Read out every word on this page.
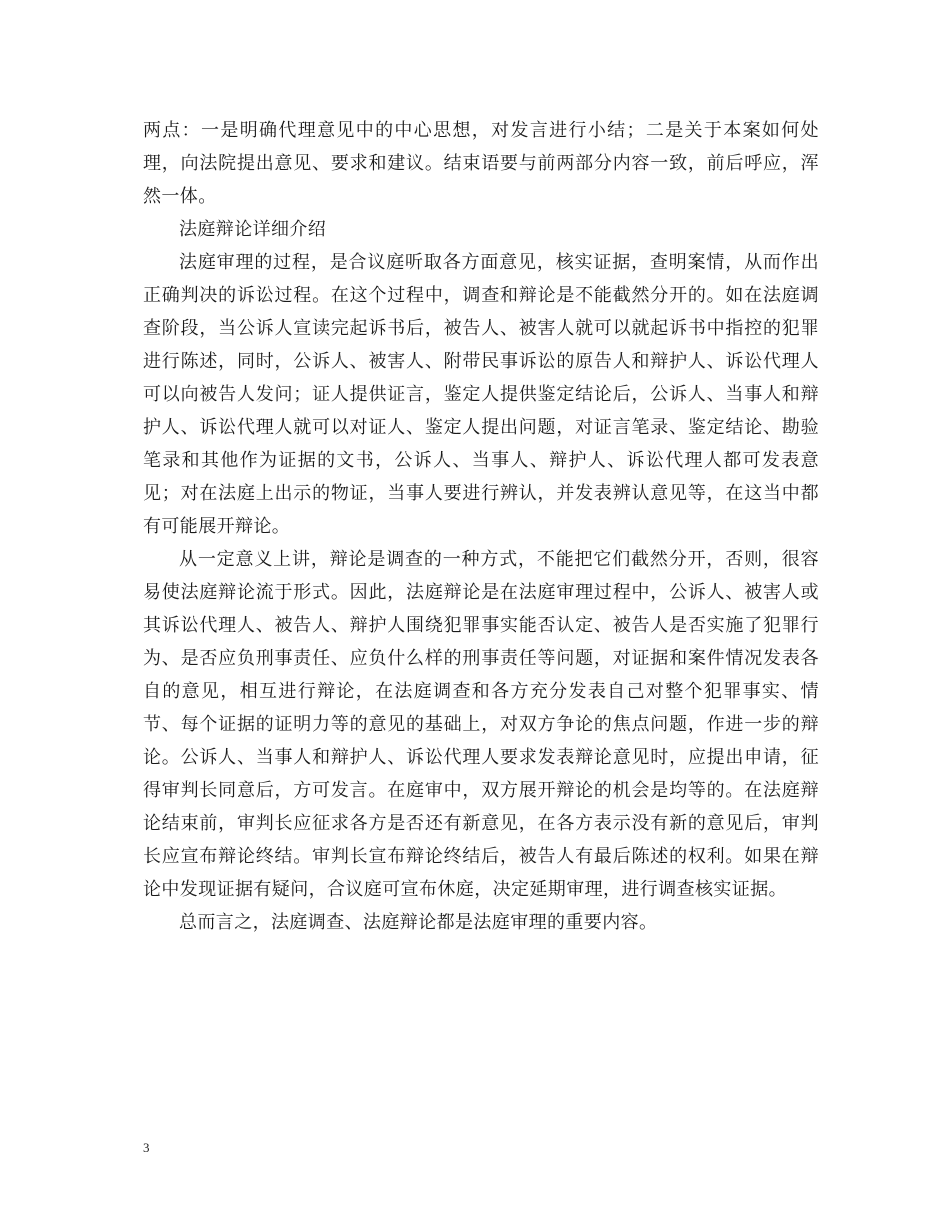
两点：一是明确代理意见中的中心思想，对发言进行小结；二是关于本案如何处理，向法院提出意见、要求和建议。结束语要与前两部分内容一致，前后呼应，浑然一体。

法庭辩论详细介绍

法庭审理的过程，是合议庭听取各方面意见，核实证据，查明案情，从而作出正确判决的诉讼过程。在这个过程中，调查和辩论是不能截然分开的。如在法庭调查阶段，当公诉人宣读完起诉书后，被告人、被害人就可以就起诉书中指控的犯罪进行陈述，同时，公诉人、被害人、附带民事诉讼的原告人和辩护人、诉讼代理人可以向被告人发问；证人提供证言，鉴定人提供鉴定结论后，公诉人、当事人和辩护人、诉讼代理人就可以对证人、鉴定人提出问题，对证言笔录、鉴定结论、勘验笔录和其他作为证据的文书，公诉人、当事人、辩护人、诉讼代理人都可发表意见；对在法庭上出示的物证，当事人要进行辨认，并发表辨认意见等，在这当中都有可能展开辩论。

从一定意义上讲，辩论是调查的一种方式，不能把它们截然分开，否则，很容易使法庭辩论流于形式。因此，法庭辩论是在法庭审理过程中，公诉人、被害人或其诉讼代理人、被告人、辩护人围绕犯罪事实能否认定、被告人是否实施了犯罪行为、是否应负刑事责任、应负什么样的刑事责任等问题，对证据和案件情况发表各自的意见，相互进行辩论，在法庭调查和各方充分发表自己对整个犯罪事实、情节、每个证据的证明力等的意见的基础上，对双方争论的焦点问题，作进一步的辩论。公诉人、当事人和辩护人、诉讼代理人要求发表辩论意见时，应提出申请，征得审判长同意后，方可发言。在庭审中，双方展开辩论的机会是均等的。在法庭辩论结束前，审判长应征求各方是否还有新意见，在各方表示没有新的意见后，审判长应宣布辩论终结。审判长宣布辩论终结后，被告人有最后陈述的权利。如果在辩论中发现证据有疑问，合议庭可宣布休庭，决定延期审理，进行调查核实证据。

总而言之，法庭调查、法庭辩论都是法庭审理的重要内容。

3
